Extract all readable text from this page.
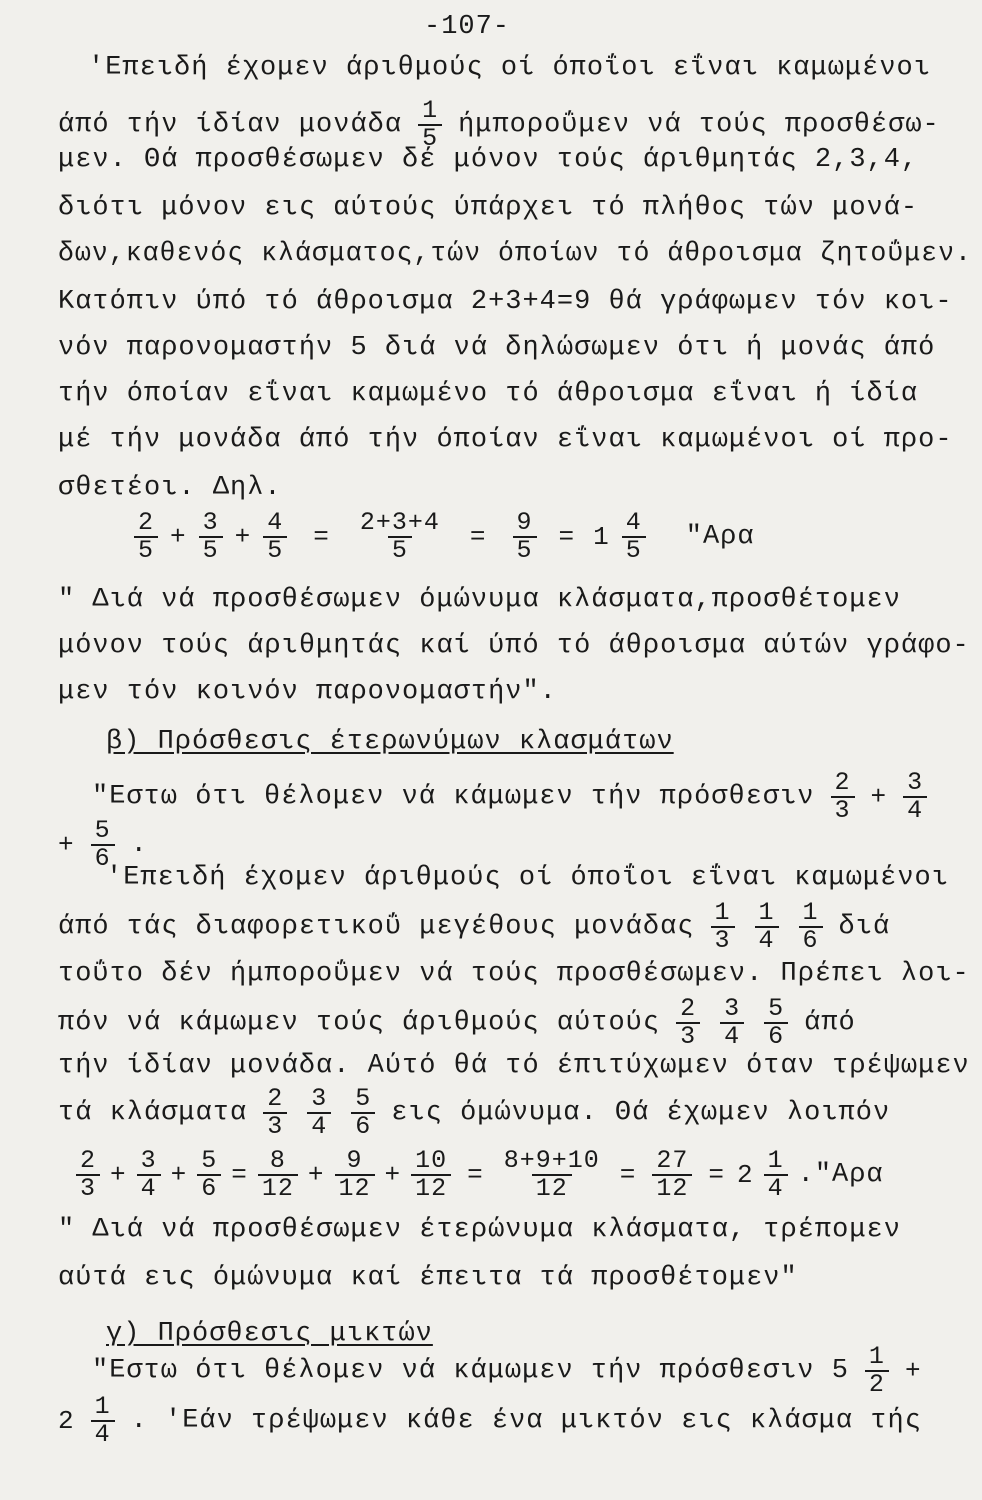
-107-
'Επειδή έχομεν άριθμούς οί όποΐοι εΐναι καμωμένοι
άπό τήν ίδίαν μονάδα $\frac{1}{5}$ ήμποροΰμεν νά τούς προσθέσω-
μεν. Θά προσθέσωμεν δέ μόνον τούς άριθμητάς 2,3,4,
διότι μόνον εις αύτούς ύπάρχει τό πλήθος τών μονά-
δων,καθενός κλάσματος,τών όποίων τό άθροισμα ζητοΰμεν.
Κατόπιν ύπό τό άθροισμα 2+3+4=9 θά γράφωμεν τόν κοι-
νόν παρονομαστήν 5 διά νά δηλώσωμεν ότι ή μονάς άπό
τήν όποίαν εΐναι καμωμένο τό άθροισμα εΐναι ή ίδία
μέ τήν μονάδα άπό τήν όποίαν εΐναι καμωμένοι οί προ-
σθετέοι. Δηλ.
$\frac{2}{5} + \frac{3}{5} + \frac{4}{5} = \frac{2+3+4}{5} = \frac{9}{5} = 1 \frac{4}{5}$ "Αρα
" Διά νά προσθέσωμεν όμώνυμα κλάσματα,προσθέτομεν
μόνον τούς άριθμητάς καί ύπό τό άθροισμα αύτών γράφο-
μεν τόν κοινόν παρονομαστήν".
β) Πρόσθεσις έτερωνύμων κλασμάτων
"Εστω ότι θέλομεν νά κάμωμεν τήν πρόσθεσιν $\frac{2}{3} + \frac{3}{4}$
+ $\frac{5}{6}$ .
'Επειδή έχομεν άριθμούς οί όποΐοι εΐναι καμωμένοι
άπό τάς διαφορετικοΰ μεγέθους μονάδας $\frac{1}{3} \frac{1}{4} \frac{1}{6}$ διά
τοΰτο δέν ήμποροΰμεν νά τούς προσθέσωμεν. Πρέπει λοι-
πόν νά κάμωμεν τούς άριθμούς αύτούς $\frac{2}{3} \frac{3}{4} \frac{5}{6}$ άπό
τήν ίδίαν μονάδα. Αύτό θά τό έπιτύχωμεν όταν τρέψωμεν
τά κλάσματα $\frac{2}{3} \frac{3}{4} \frac{5}{6}$ εις όμώνυμα. Θά έχωμεν λοιπόν
$\frac{2}{3} + \frac{3}{4} + \frac{5}{6} = \frac{8}{12} + \frac{9}{12} + \frac{10}{12} = \frac{8+9+10}{12} = \frac{27}{12} = 2 \frac{1}{4}$ ."Αρα
" Διά νά προσθέσωμεν έτερώνυμα κλάσματα, τρέπομεν
αύτά εις όμώνυμα καί έπειτα τά προσθέτομεν"
γ) Πρόσθεσις μικτών
"Εστω ότι θέλομεν νά κάμωμεν τήν πρόσθεσιν $5 \frac{1}{2}$ +
$2 \frac{1}{4}$ . 'Εάν τρέψωμεν κάθε ένα μικτόν εις κλάσμα τής
